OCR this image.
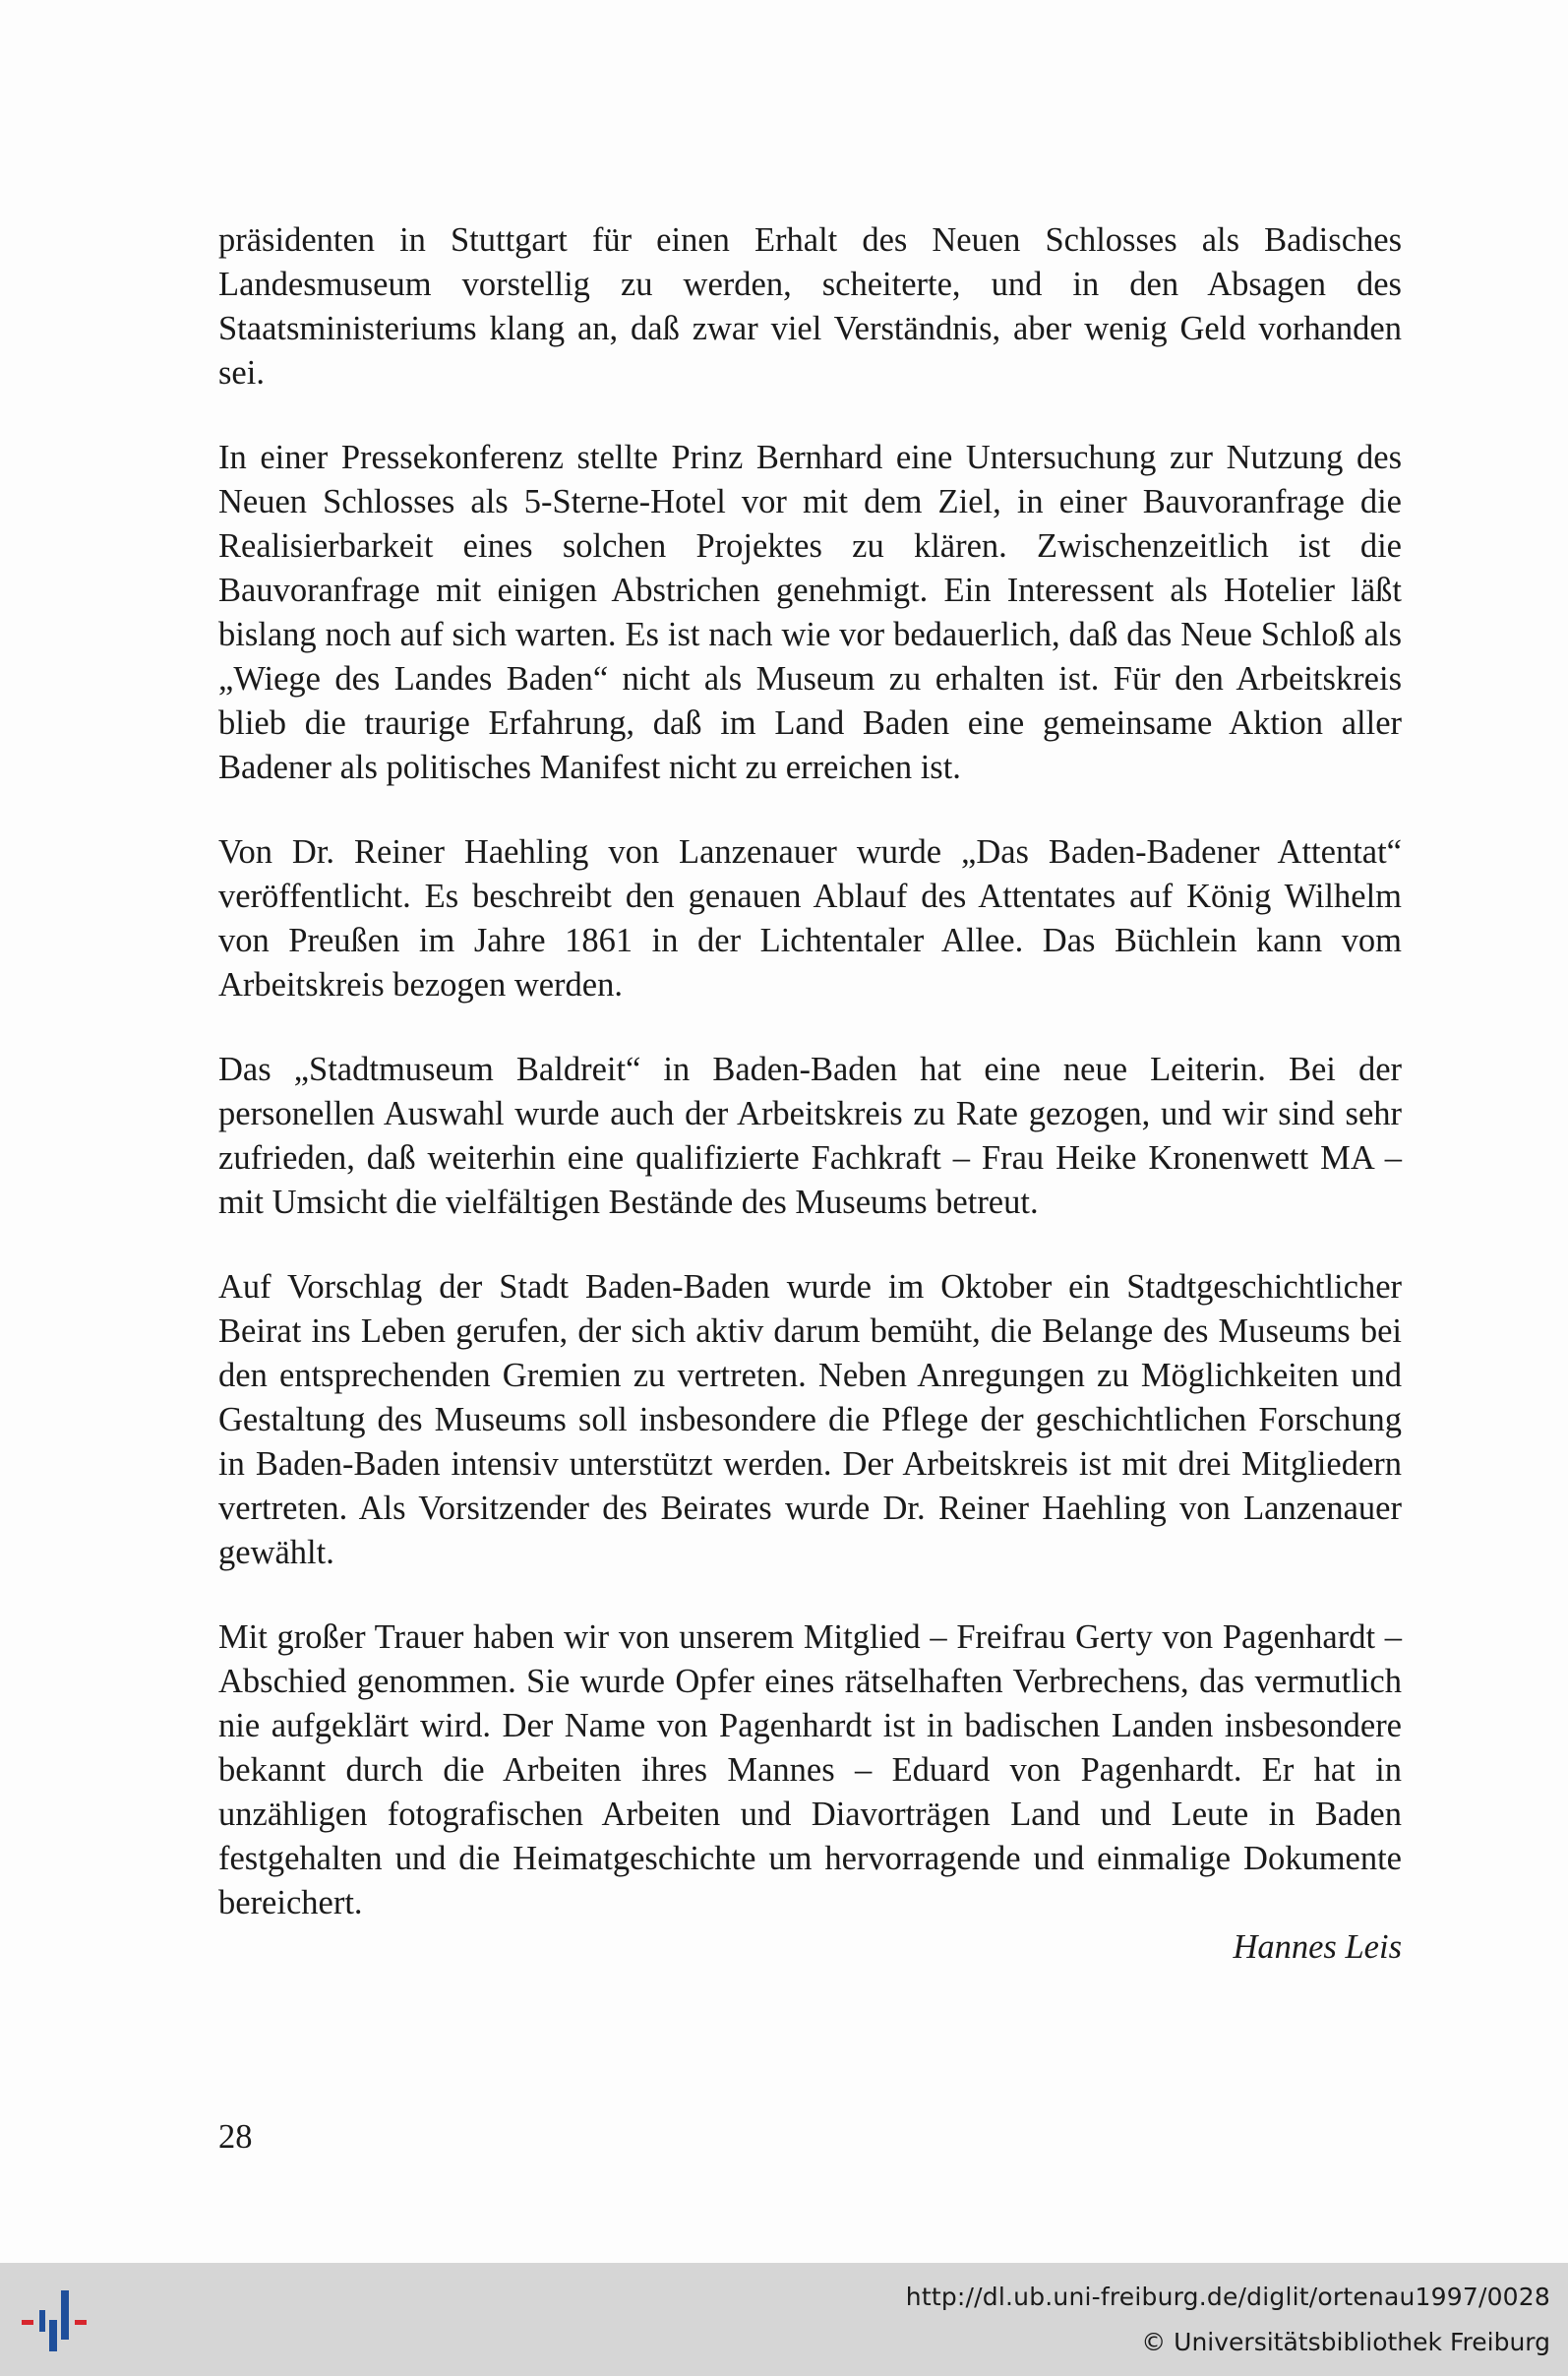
präsidenten in Stuttgart für einen Erhalt des Neuen Schlosses als Badisches Landesmuseum vorstellig zu werden, scheiterte, und in den Absagen des Staatsministeriums klang an, daß zwar viel Verständnis, aber wenig Geld vorhanden sei.

In einer Pressekonferenz stellte Prinz Bernhard eine Untersuchung zur Nutzung des Neuen Schlosses als 5-Sterne-Hotel vor mit dem Ziel, in einer Bauvoranfrage die Realisierbarkeit eines solchen Projektes zu klären. Zwischenzeitlich ist die Bauvoranfrage mit einigen Abstrichen genehmigt. Ein Interessent als Hotelier läßt bislang noch auf sich warten. Es ist nach wie vor bedauerlich, daß das Neue Schloß als „Wiege des Landes Baden“ nicht als Museum zu erhalten ist. Für den Arbeitskreis blieb die traurige Erfahrung, daß im Land Baden eine gemeinsame Aktion aller Badener als politisches Manifest nicht zu erreichen ist.

Von Dr. Reiner Haehling von Lanzenauer wurde „Das Baden-Badener Attentat“ veröffentlicht. Es beschreibt den genauen Ablauf des Attentates auf König Wilhelm von Preußen im Jahre 1861 in der Lichtentaler Allee. Das Büchlein kann vom Arbeitskreis bezogen werden.

Das „Stadtmuseum Baldreit“ in Baden-Baden hat eine neue Leiterin. Bei der personellen Auswahl wurde auch der Arbeitskreis zu Rate gezogen, und wir sind sehr zufrieden, daß weiterhin eine qualifizierte Fachkraft – Frau Heike Kronenwett MA – mit Umsicht die vielfältigen Bestände des Museums betreut.

Auf Vorschlag der Stadt Baden-Baden wurde im Oktober ein Stadtgeschichtlicher Beirat ins Leben gerufen, der sich aktiv darum bemüht, die Belange des Museums bei den entsprechenden Gremien zu vertreten. Neben Anregungen zu Möglichkeiten und Gestaltung des Museums soll insbesondere die Pflege der geschichtlichen Forschung in Baden-Baden intensiv unterstützt werden. Der Arbeitskreis ist mit drei Mitgliedern vertreten. Als Vorsitzender des Beirates wurde Dr. Reiner Haehling von Lanzenauer gewählt.

Mit großer Trauer haben wir von unserem Mitglied – Freifrau Gerty von Pagenhardt – Abschied genommen. Sie wurde Opfer eines rätselhaften Verbrechens, das vermutlich nie aufgeklärt wird. Der Name von Pagenhardt ist in badischen Landen insbesondere bekannt durch die Arbeiten ihres Mannes – Eduard von Pagenhardt. Er hat in unzähligen fotografischen Arbeiten und Diavorträgen Land und Leute in Baden festgehalten und die Heimatgeschichte um hervorragende und einmalige Dokumente bereichert.

Hannes Leis
28
http://dl.ub.uni-freiburg.de/diglit/ortenau1997/0028
© Universitätsbibliothek Freiburg
